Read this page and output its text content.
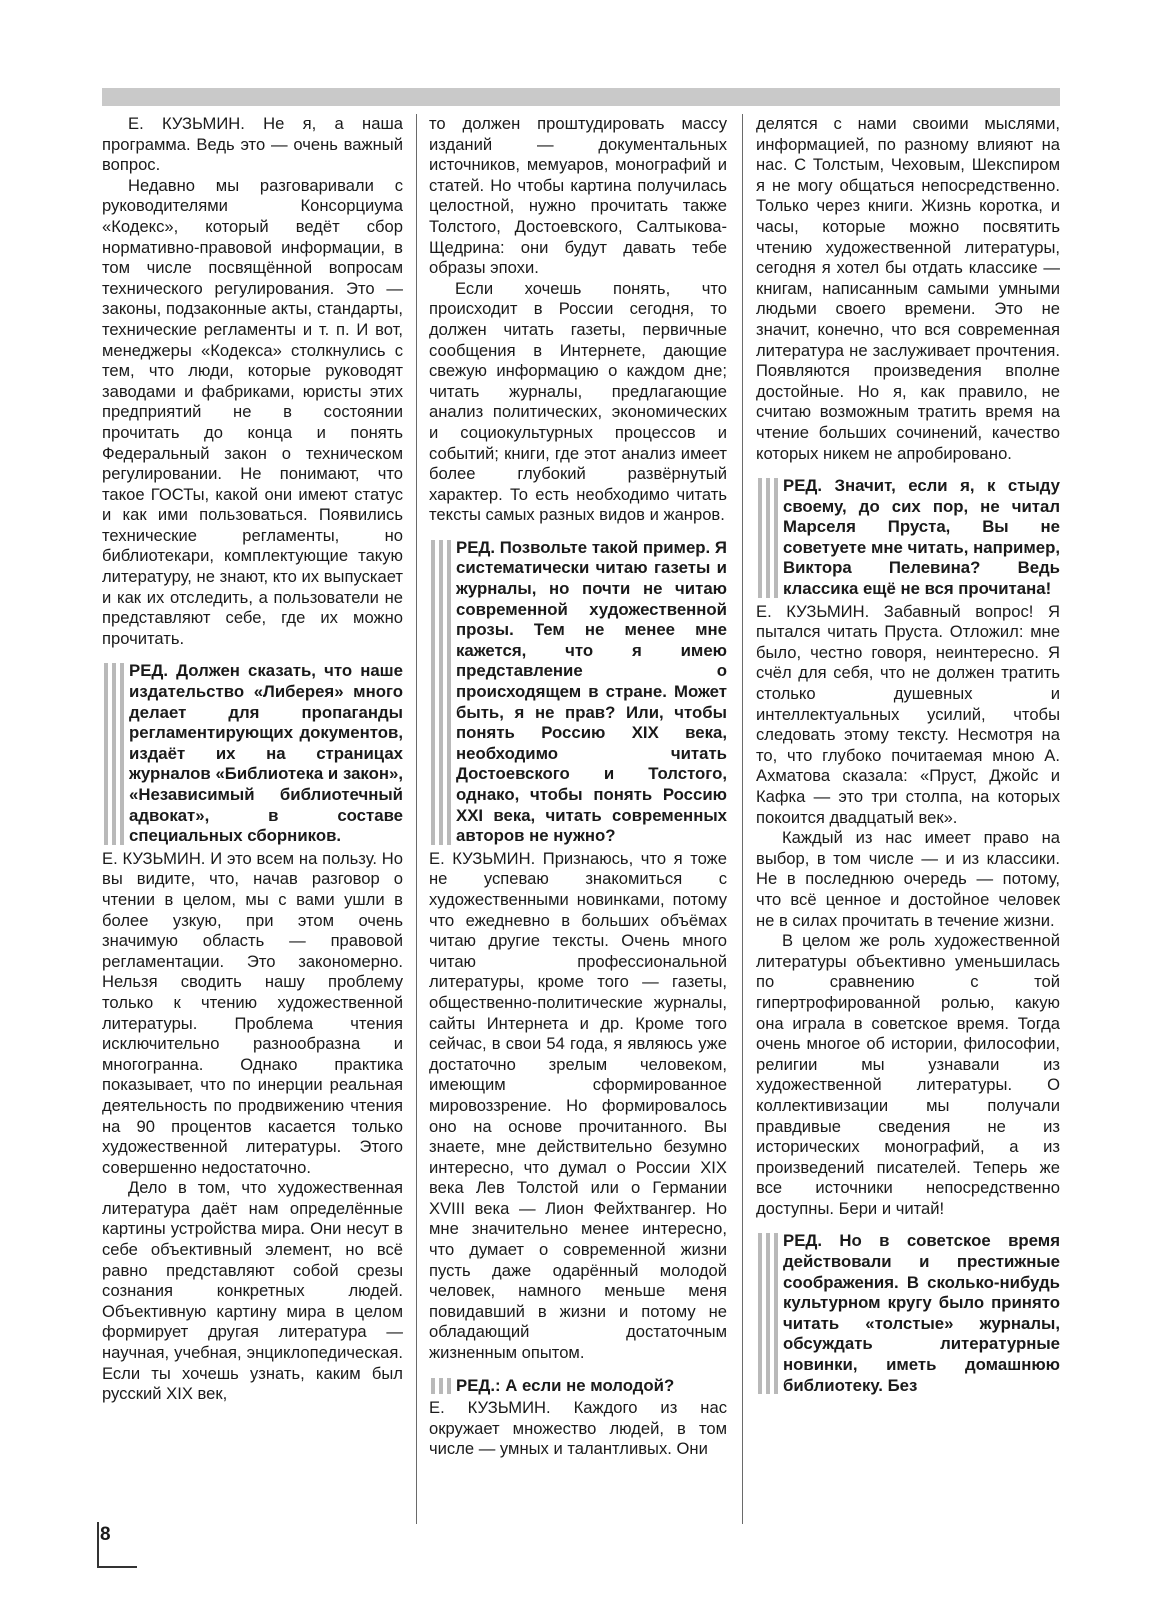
Е. КУЗЬМИН. Не я, а наша программа. Ведь это — очень важный вопрос.

Недавно мы разговаривали с руководителями Консорциума «Кодекс», который ведёт сбор нормативно-правовой информации, в том числе посвящённой вопросам технического регулирования. Это — законы, подзаконные акты, стандарты, технические регламенты и т. п. И вот, менеджеры «Кодекса» столкнулись с тем, что люди, которые руководят заводами и фабриками, юристы этих предприятий не в состоянии прочитать до конца и понять Федеральный закон о техническом регулировании. Не понимают, что такое ГОСТы, какой они имеют статус и как ими пользоваться. Появились технические регламенты, но библиотекари, комплектующие такую литературу, не знают, кто их выпускает и как их отследить, а пользователи не представляют себе, где их можно прочитать.

РЕД. Должен сказать, что наше издательство «Либерея» много делает для пропаганды регламентирующих документов, издаёт их на страницах журналов «Библиотека и закон», «Независимый библиотечный адвокат», в составе специальных сборников.

Е. КУЗЬМИН. И это всем на пользу. Но вы видите, что, начав разговор о чтении в целом, мы с вами ушли в более узкую, при этом очень значимую область — правовой регламентации. Это закономерно. Нельзя сводить нашу проблему только к чтению художественной литературы. Проблема чтения исключительно разнообразна и многогранна. Однако практика показывает, что по инерции реальная деятельность по продвижению чтения на 90 процентов касается только художественной литературы. Этого совершенно недостаточно.

Дело в том, что художественная литература даёт нам определённые картины устройства мира. Они несут в себе объективный элемент, но всё равно представляют собой срезы сознания конкретных людей. Объективную картину мира в целом формирует другая литература — научная, учебная, энциклопедическая. Если ты хочешь узнать, каким был русский XIX век,

то должен проштудировать массу изданий — документальных источников, мемуаров, монографий и статей. Но чтобы картина получилась целостной, нужно прочитать также Толстого, Достоевского, Салтыкова-Щедрина: они будут давать тебе образы эпохи.

Если хочешь понять, что происходит в России сегодня, то должен читать газеты, первичные сообщения в Интернете, дающие свежую информацию о каждом дне; читать журналы, предлагающие анализ политических, экономических и социокультурных процессов и событий; книги, где этот анализ имеет более глубокий развёрнутый характер. То есть необходимо читать тексты самых разных видов и жанров.

РЕД. Позвольте такой пример. Я систематически читаю газеты и журналы, но почти не читаю современной художественной прозы. Тем не менее мне кажется, что я имею представление о происходящем в стране. Может быть, я не прав? Или, чтобы понять Россию XIX века, необходимо читать Достоевского и Толстого, однако, чтобы понять Россию XXI века, читать современных авторов не нужно?

Е. КУЗЬМИН. Признаюсь, что я тоже не успеваю знакомиться с художественными новинками, потому что ежедневно в больших объёмах читаю другие тексты. Очень много читаю профессиональной литературы, кроме того — газеты, общественно-политические журналы, сайты Интернета и др. Кроме того сейчас, в свои 54 года, я являюсь уже достаточно зрелым человеком, имеющим сформированное мировоззрение. Но формировалось оно на основе прочитанного. Вы знаете, мне действительно безумно интересно, что думал о России XIX века Лев Толстой или о Германии XVIII века — Лион Фейхтвангер. Но мне значительно менее интересно, что думает о современной жизни пусть даже одарённый молодой человек, намного меньше меня повидавший в жизни и потому не обладающий достаточным жизненным опытом.

РЕД.: А если не молодой?

Е. КУЗЬМИН. Каждого из нас окружает множество людей, в том числе — умных и талантливых. Они

делятся с нами своими мыслями, информацией, по разному влияют на нас. С Толстым, Чеховым, Шекспиром я не могу общаться непосредственно. Только через книги. Жизнь коротка, и часы, которые можно посвятить чтению художественной литературы, сегодня я хотел бы отдать классике — книгам, написанным самыми умными людьми своего времени. Это не значит, конечно, что вся современная литература не заслуживает прочтения. Появляются произведения вполне достойные. Но я, как правило, не считаю возможным тратить время на чтение больших сочинений, качество которых никем не апробировано.

РЕД. Значит, если я, к стыду своему, до сих пор, не читал Марселя Пруста, Вы не советуете мне читать, например, Виктора Пелевина? Ведь классика ещё не вся прочитана!

Е. КУЗЬМИН. Забавный вопрос! Я пытался читать Пруста. Отложил: мне было, честно говоря, неинтересно. Я счёл для себя, что не должен тратить столько душевных и интеллектуальных усилий, чтобы следовать этому тексту. Несмотря на то, что глубоко почитаемая мною А. Ахматова сказала: «Пруст, Джойс и Кафка — это три столпа, на которых покоится двадцатый век».

Каждый из нас имеет право на выбор, в том числе — и из классики. Не в последнюю очередь — потому, что всё ценное и достойное человек не в силах прочитать в течение жизни.

В целом же роль художественной литературы объективно уменьшилась по сравнению с той гипертрофированной ролью, какую она играла в советское время. Тогда очень многое об истории, философии, религии мы узнавали из художественной литературы. О коллективизации мы получали правдивые сведения не из исторических монографий, а из произведений писателей. Теперь же все источники непосредственно доступны. Бери и читай!

РЕД. Но в советское время действовали и престижные соображения. В сколько-нибудь культурном кругу было принято читать «толстые» журналы, обсуждать литературные новинки, иметь домашнюю библиотеку. Без

8
